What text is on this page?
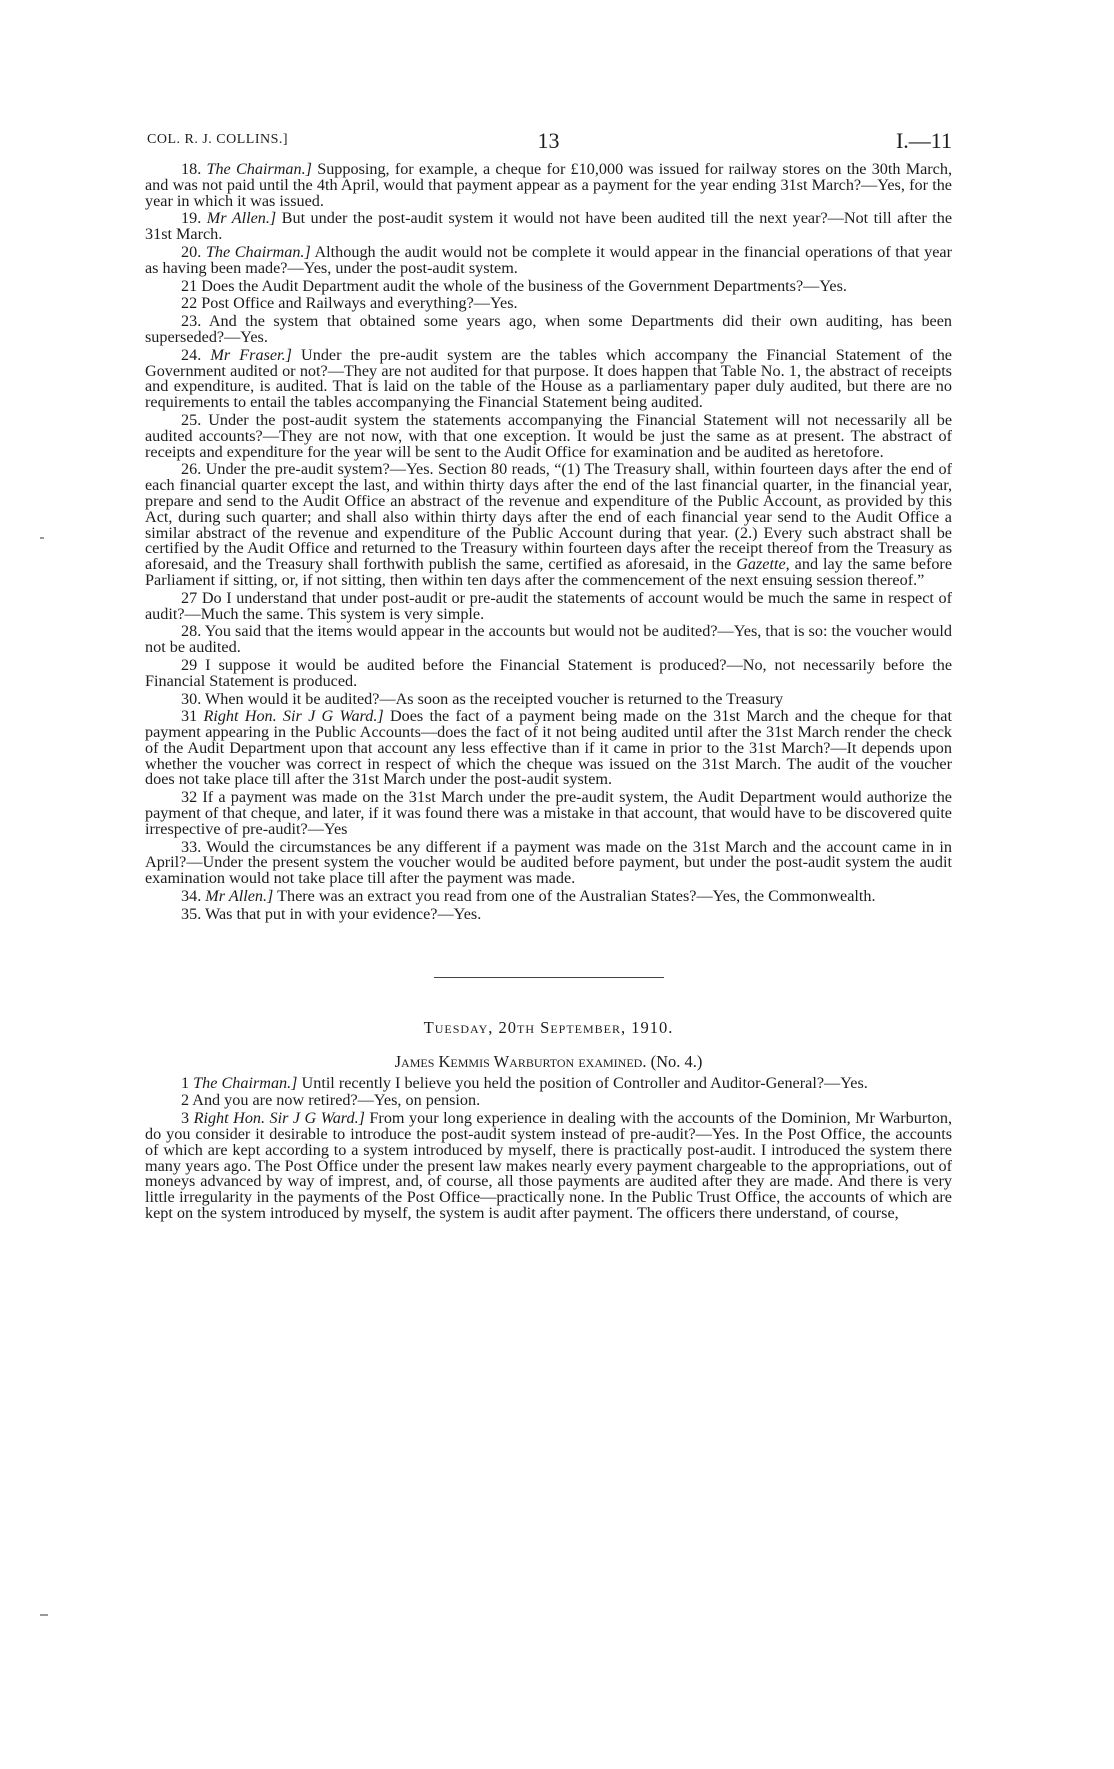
COL. R. J. COLLINS.]	13	I.—11

18. The Chairman.] Supposing, for example, a cheque for £10,000 was issued for railway stores on the 30th March, and was not paid until the 4th April, would that payment appear as a payment for the year ending 31st March?—Yes, for the year in which it was issued.

19. Mr Allen.] But under the post-audit system it would not have been audited till the next year?—Not till after the 31st March.

20. The Chairman.] Although the audit would not be complete it would appear in the financial operations of that year as having been made?—Yes, under the post-audit system.

21 Does the Audit Department audit the whole of the business of the Government Departments?—Yes.

22 Post Office and Railways and everything?—Yes.

23. And the system that obtained some years ago, when some Departments did their own auditing, has been superseded?—Yes.

24. Mr Fraser.] Under the pre-audit system are the tables which accompany the Financial Statement of the Government audited or not?—They are not audited for that purpose. It does happen that Table No. 1, the abstract of receipts and expenditure, is audited. That is laid on the table of the House as a parliamentary paper duly audited, but there are no requirements to entail the tables accompanying the Financial Statement being audited.

25. Under the post-audit system the statements accompanying the Financial Statement will not necessarily all be audited accounts?—They are not now, with that one exception. It would be just the same as at present. The abstract of receipts and expenditure for the year will be sent to the Audit Office for examination and be audited as heretofore.

26. Under the pre-audit system?—Yes. Section 80 reads, “(1) The Treasury shall, within fourteen days after the end of each financial quarter except the last, and within thirty days after the end of the last financial quarter, in the financial year, prepare and send to the Audit Office an abstract of the revenue and expenditure of the Public Account, as provided by this Act, during such quarter; and shall also within thirty days after the end of each financial year send to the Audit Office a similar abstract of the revenue and expenditure of the Public Account during that year. (2.) Every such abstract shall be certified by the Audit Office and returned to the Treasury within fourteen days after the receipt thereof from the Treasury as aforesaid, and the Treasury shall forthwith publish the same, certified as aforesaid, in the Gazette, and lay the same before Parliament if sitting, or, if not sitting, then within ten days after the commencement of the next ensuing session thereof.”

27 Do I understand that under post-audit or pre-audit the statements of account would be much the same in respect of audit?—Much the same. This system is very simple.

28. You said that the items would appear in the accounts but would not be audited?—Yes, that is so: the voucher would not be audited.

29 I suppose it would be audited before the Financial Statement is produced?—No, not necessarily before the Financial Statement is produced.

30. When would it be audited?—As soon as the receipted voucher is returned to the Treasury

31 Right Hon. Sir J G Ward.] Does the fact of a payment being made on the 31st March and the cheque for that payment appearing in the Public Accounts—does the fact of it not being audited until after the 31st March render the check of the Audit Department upon that account any less effective than if it came in prior to the 31st March?—It depends upon whether the voucher was correct in respect of which the cheque was issued on the 31st March. The audit of the voucher does not take place till after the 31st March under the post-audit system.

32 If a payment was made on the 31st March under the pre-audit system, the Audit Department would authorize the payment of that cheque, and later, if it was found there was a mistake in that account, that would have to be discovered quite irrespective of pre-audit?—Yes

33. Would the circumstances be any different if a payment was made on the 31st March and the account came in in April?—Under the present system the voucher would be audited before payment, but under the post-audit system the audit examination would not take place till after the payment was made.

34. Mr Allen.] There was an extract you read from one of the Australian States?—Yes, the Commonwealth.

35. Was that put in with your evidence?—Yes.

Tuesday, 20th September, 1910.
James Kemmis Warburton examined. (No. 4.)

1 The Chairman.] Until recently I believe you held the position of Controller and Auditor-General?—Yes.

2 And you are now retired?—Yes, on pension.

3 Right Hon. Sir J G Ward.] From your long experience in dealing with the accounts of the Dominion, Mr Warburton, do you consider it desirable to introduce the post-audit system instead of pre-audit?—Yes. In the Post Office, the accounts of which are kept according to a system introduced by myself, there is practically post-audit. I introduced the system there many years ago. The Post Office under the present law makes nearly every payment chargeable to the appropriations, out of moneys advanced by way of imprest, and, of course, all those payments are audited after they are made. And there is very little irregularity in the payments of the Post Office—practically none. In the Public Trust Office, the accounts of which are kept on the system introduced by myself, the system is audit after payment. The officers there understand, of course,
